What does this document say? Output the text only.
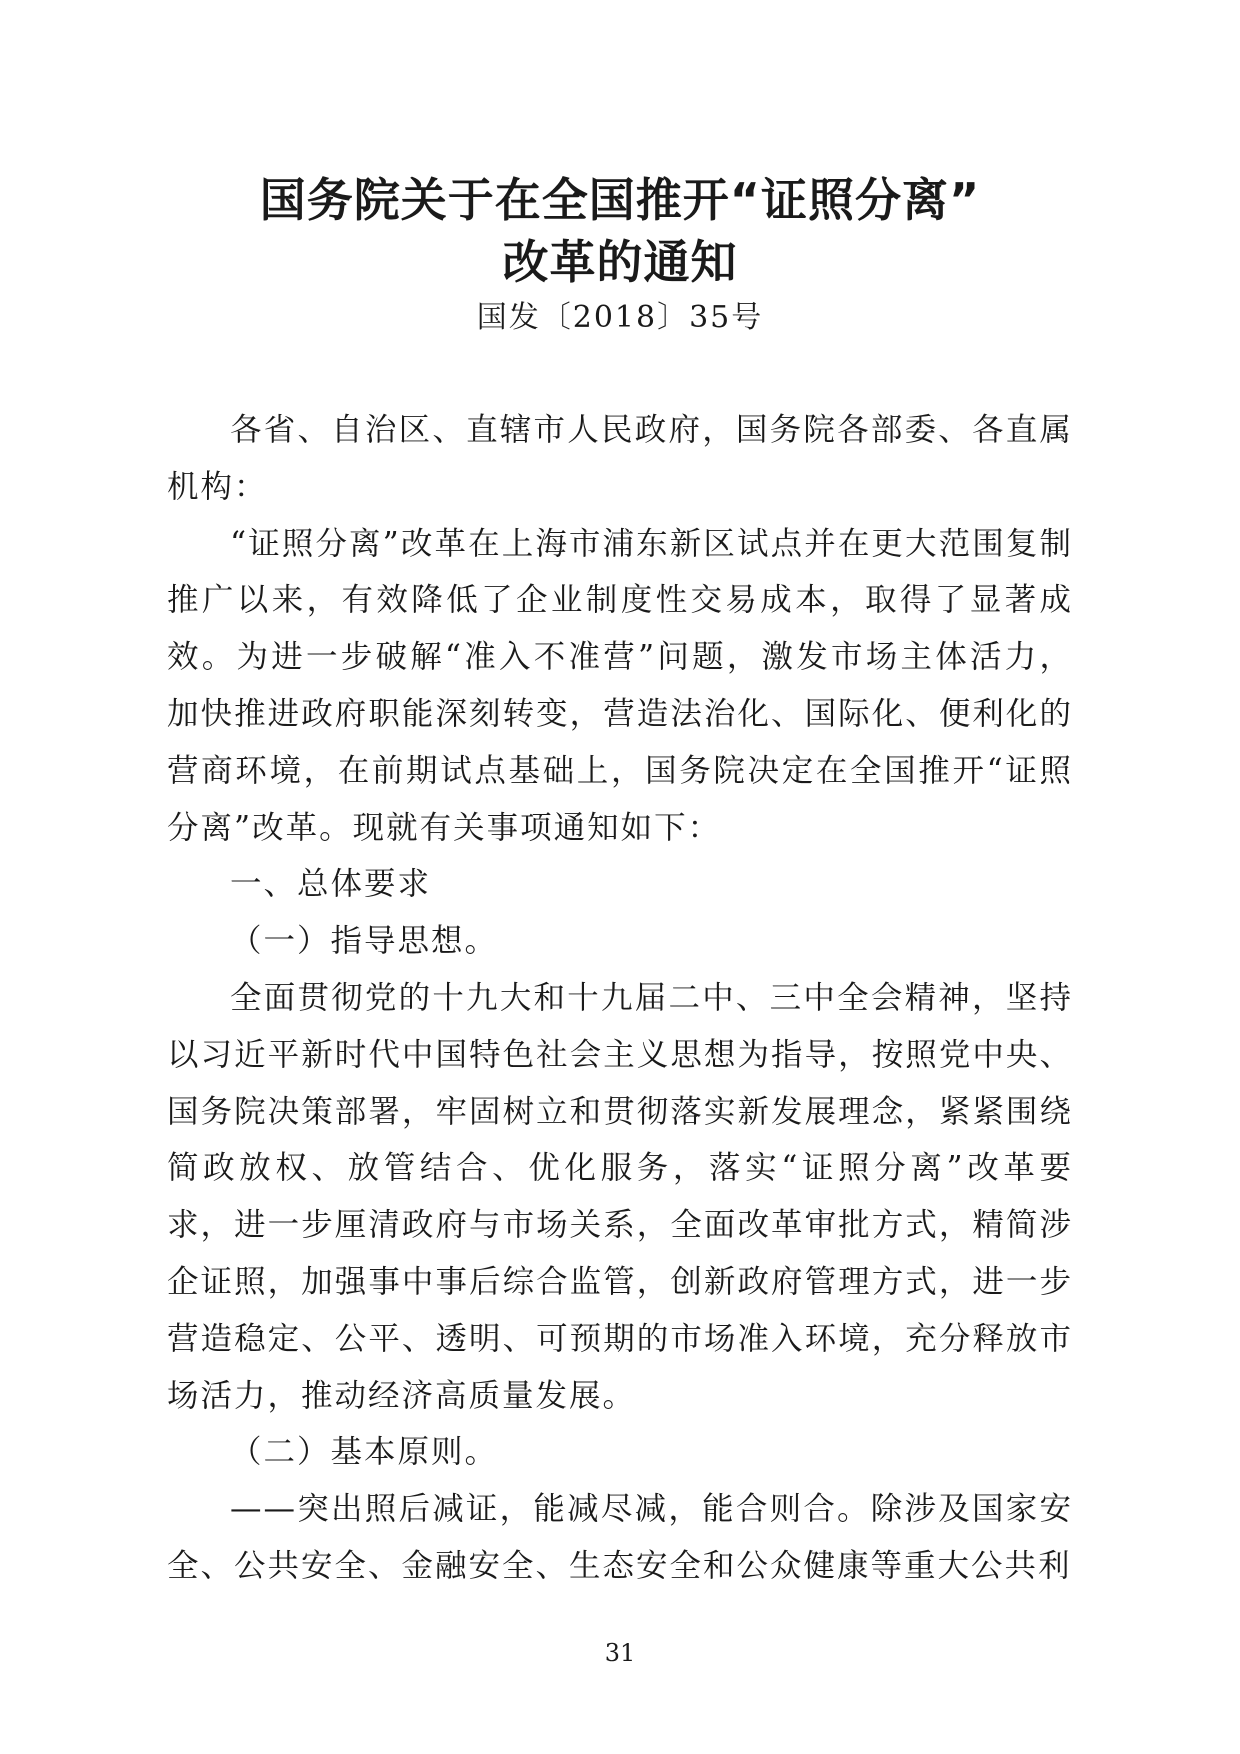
国务院关于在全国推开“证照分离”
改革的通知
国发〔2018〕35号

各省、自治区、直辖市人民政府，国务院各部委、各直属机构：

“证照分离”改革在上海市浦东新区试点并在更大范围复制推广以来，有效降低了企业制度性交易成本，取得了显著成效。为进一步破解“准入不准营”问题，激发市场主体活力，加快推进政府职能深刻转变，营造法治化、国际化、便利化的营商环境，在前期试点基础上，国务院决定在全国推开“证照分离”改革。现就有关事项通知如下：

一、总体要求

（一）指导思想。

全面贯彻党的十九大和十九届二中、三中全会精神，坚持以习近平新时代中国特色社会主义思想为指导，按照党中央、国务院决策部署，牢固树立和贯彻落实新发展理念，紧紧围绕简政放权、放管结合、优化服务，落实“证照分离”改革要求，进一步厘清政府与市场关系，全面改革审批方式，精简涉企证照，加强事中事后综合监管，创新政府管理方式，进一步营造稳定、公平、透明、可预期的市场准入环境，充分释放市场活力，推动经济高质量发展。

（二）基本原则。

——突出照后减证，能减尽减，能合则合。除涉及国家安全、公共安全、金融安全、生态安全和公众健康等重大公共利

31
